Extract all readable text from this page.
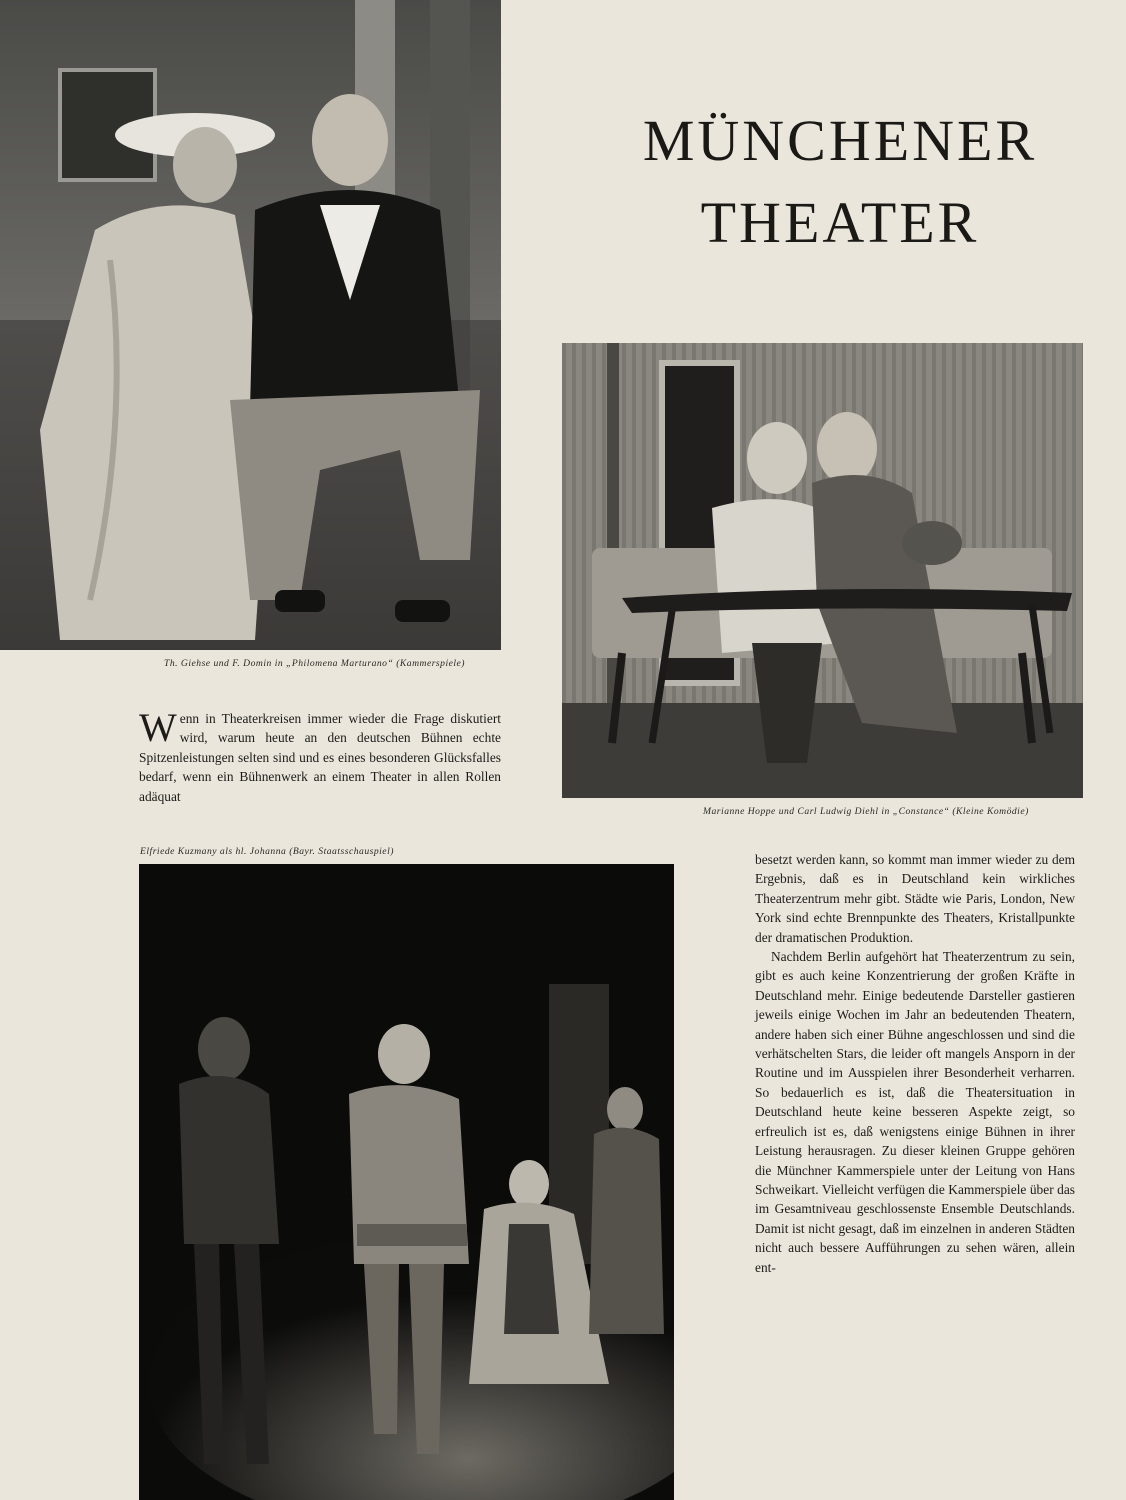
Th. Giehse und F. Domin in „Philomena Marturano“ (Kammerspiele)
MÜNCHENER
THEATER
Marianne Hoppe und Carl Ludwig Diehl in „Constance“ (Kleine Komödie)

Wenn in Theaterkreisen immer wieder die Frage diskutiert wird, warum heute an den deutschen Bühnen echte Spitzenleistungen selten sind und es eines besonderen Glücksfalles bedarf, wenn ein Bühnenwerk an einem Theater in allen Rollen adäquat

Elfriede Kuzmany als hl. Johanna (Bayr. Staatsschauspiel)

besetzt werden kann, so kommt man immer wieder zu dem Ergebnis, daß es in Deutschland kein wirkliches Theaterzentrum mehr gibt. Städte wie Paris, London, New York sind echte Brennpunkte des Theaters, Kristallpunkte der dramatischen Produktion.

Nachdem Berlin aufgehört hat Theaterzentrum zu sein, gibt es auch keine Konzentrierung der großen Kräfte in Deutschland mehr. Einige bedeutende Darsteller gastieren jeweils einige Wochen im Jahr an bedeutenden Theatern, andere haben sich einer Bühne angeschlossen und sind die verhätschelten Stars, die leider oft mangels Ansporn in der Routine und im Ausspielen ihrer Besonderheit verharren. So bedauerlich es ist, daß die Theatersituation in Deutschland heute keine besseren Aspekte zeigt, so erfreulich ist es, daß wenigstens einige Bühnen in ihrer Leistung herausragen. Zu dieser kleinen Gruppe gehören die Münchner Kammerspiele unter der Leitung von Hans Schweikart. Vielleicht verfügen die Kammerspiele über das im Gesamtniveau geschlossenste Ensemble Deutschlands. Damit ist nicht gesagt, daß im einzelnen in anderen Städten nicht auch bessere Aufführungen zu sehen wären, allein ent-
